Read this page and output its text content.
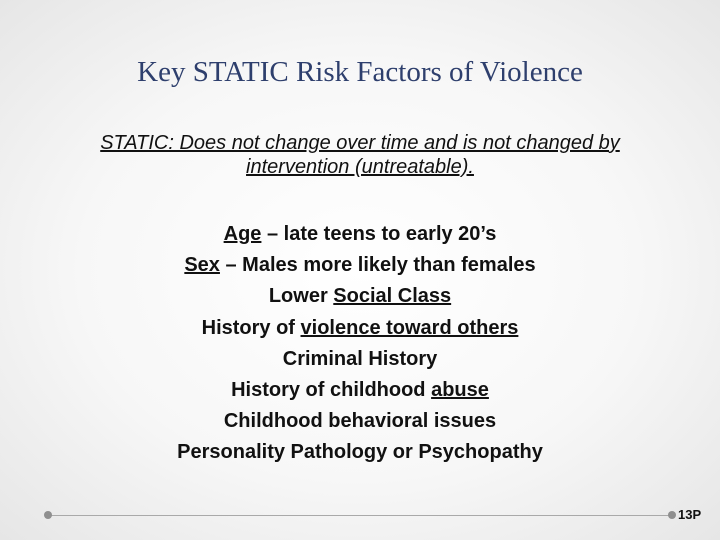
Key STATIC Risk Factors of Violence
STATIC: Does not change over time and is not changed by
intervention (untreatable).
Age – late teens to early 20’s
Sex – Males more likely than females
Lower Social Class
History of violence toward others
Criminal History
History of childhood abuse
Childhood behavioral issues
Personality Pathology or Psychopathy
13P
